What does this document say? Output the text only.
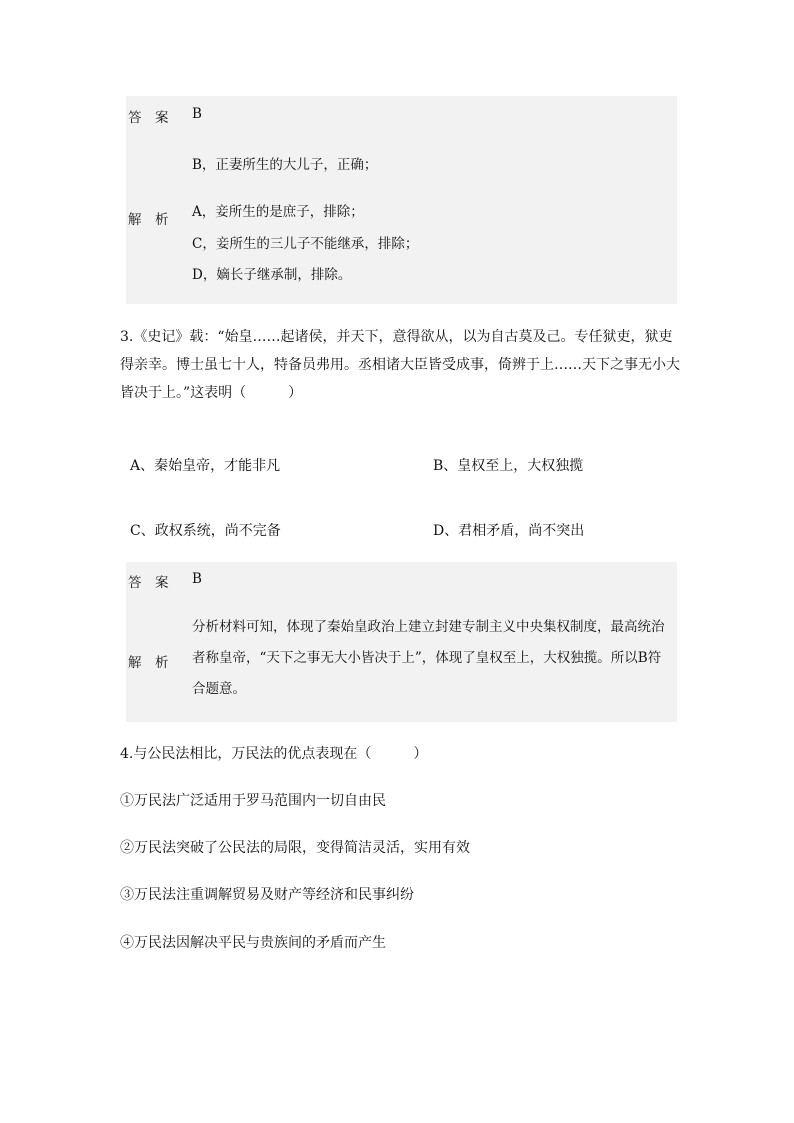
答　案	B
解　析
B，正妻所生的大儿子，正确；
A，妾所生的是庶子，排除；
C，妾所生的三儿子不能继承，排除；
D，嫡长子继承制，排除。
3.《史记》载：“始皇……起诸侯，并天下，意得欲从，以为自古莫及己。专任狱吏，狱吏得亲幸。博士虽七十人，特备员弗用。丞相诸大臣皆受成事，倚辨于上……天下之事无小大皆决于上。”这表明（　　　）
A、秦始皇帝，才能非凡	B、皇权至上，大权独揽
C、政权系统，尚不完备	D、君相矛盾，尚不突出
答　案	B
解　析
分析材料可知，体现了秦始皇政治上建立封建专制主义中央集权制度，最高统治者称皇帝，“天下之事无大小皆决于上”，体现了皇权至上，大权独揽。所以B符合题意。
4.与公民法相比，万民法的优点表现在（　　　）
①万民法广泛适用于罗马范围内一切自由民
②万民法突破了公民法的局限，变得简洁灵活，实用有效
③万民法注重调解贸易及财产等经济和民事纠纷
④万民法因解决平民与贵族间的矛盾而产生
